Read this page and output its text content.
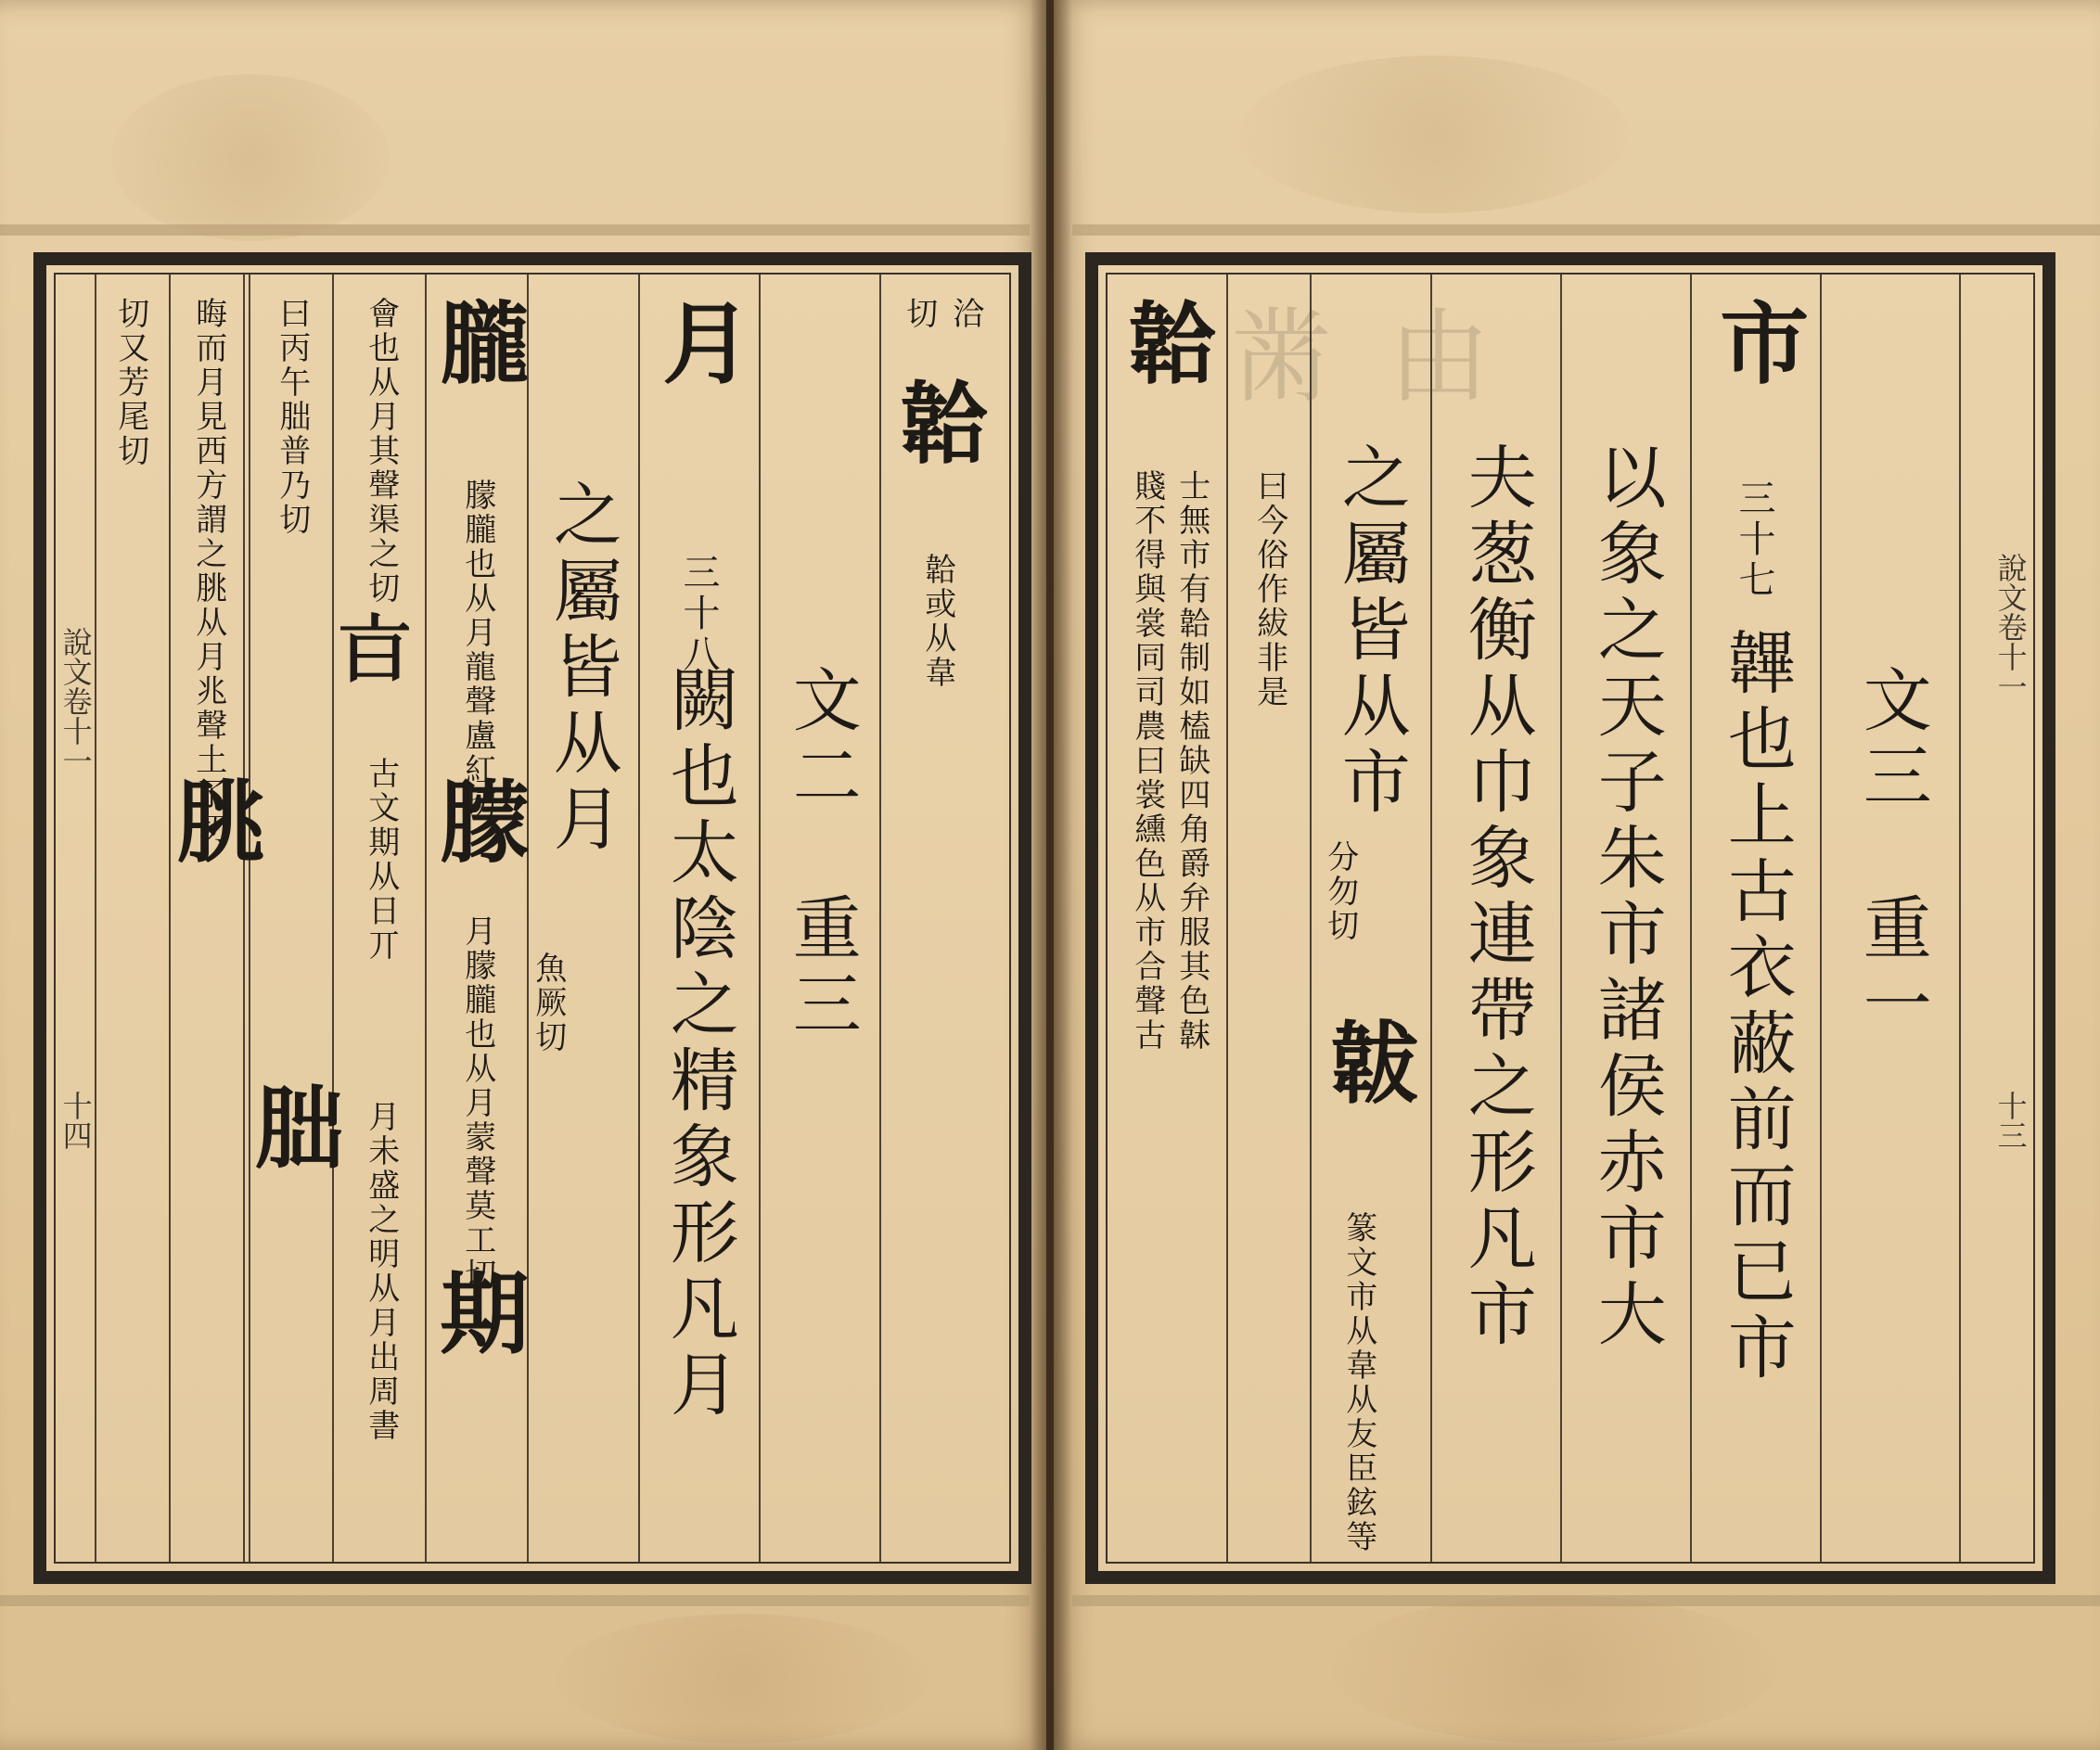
說文卷十一
十四
切又芳尾切 晦而月見西方謂之朓从月兆聲土了切
朓
曰丙午朏普乃切
朏
會也从月其聲渠之切
𣅀
古文期从日丌
月未盛之明从月出周書
朧
朦朧也从月龍聲盧紅切
朦
月朦朧也从月蒙聲莫工切
期
之屬皆从月
魚厥切
月
三十八
闕也太陰之精象形凡月 文二　重三
洽
切
韐
韐或从韋
黹 由
韐
賤不得與裳同司農曰裳纁色从市合聲古 士無市有韐制如榼缺四角爵弁服其色韎 曰今俗作紱非是 之屬皆从市
分勿切
韍
篆文市从韋从友臣鉉等
夫葱衡从巾象連帶之形凡市 以象之天子朱市諸侯赤市大
市
三十七
韠也上古衣蔽前而已市 文三　重一
說文卷十一
十三
